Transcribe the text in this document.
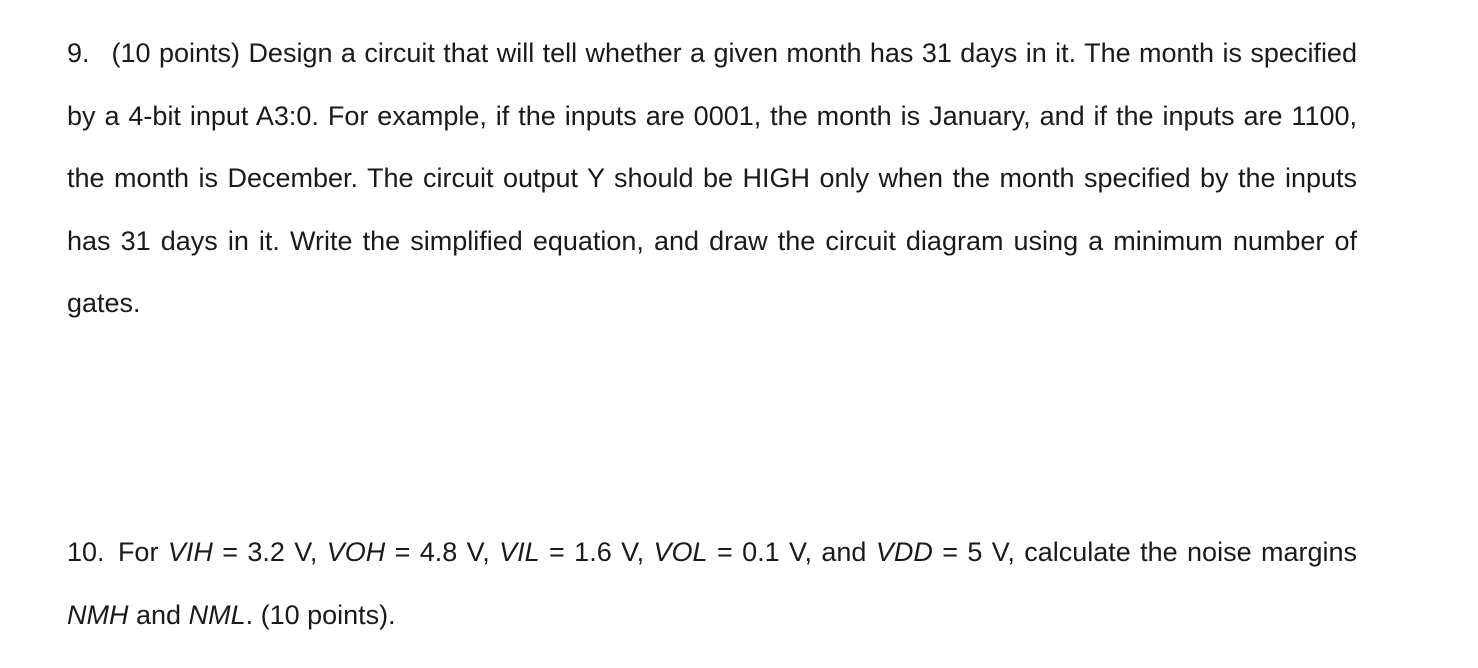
9. (10 points) Design a circuit that will tell whether a given month has 31 days in it. The month is specified by a 4-bit input A3:0. For example, if the inputs are 0001, the month is January, and if the inputs are 1100, the month is December. The circuit output Y should be HIGH only when the month specified by the inputs has 31 days in it. Write the simplified equation, and draw the circuit diagram using a minimum number of gates.
10. For VIH = 3.2 V, VOH = 4.8 V, VIL = 1.6 V, VOL = 0.1 V, and VDD = 5 V, calculate the noise margins NMH and NML. (10 points).
